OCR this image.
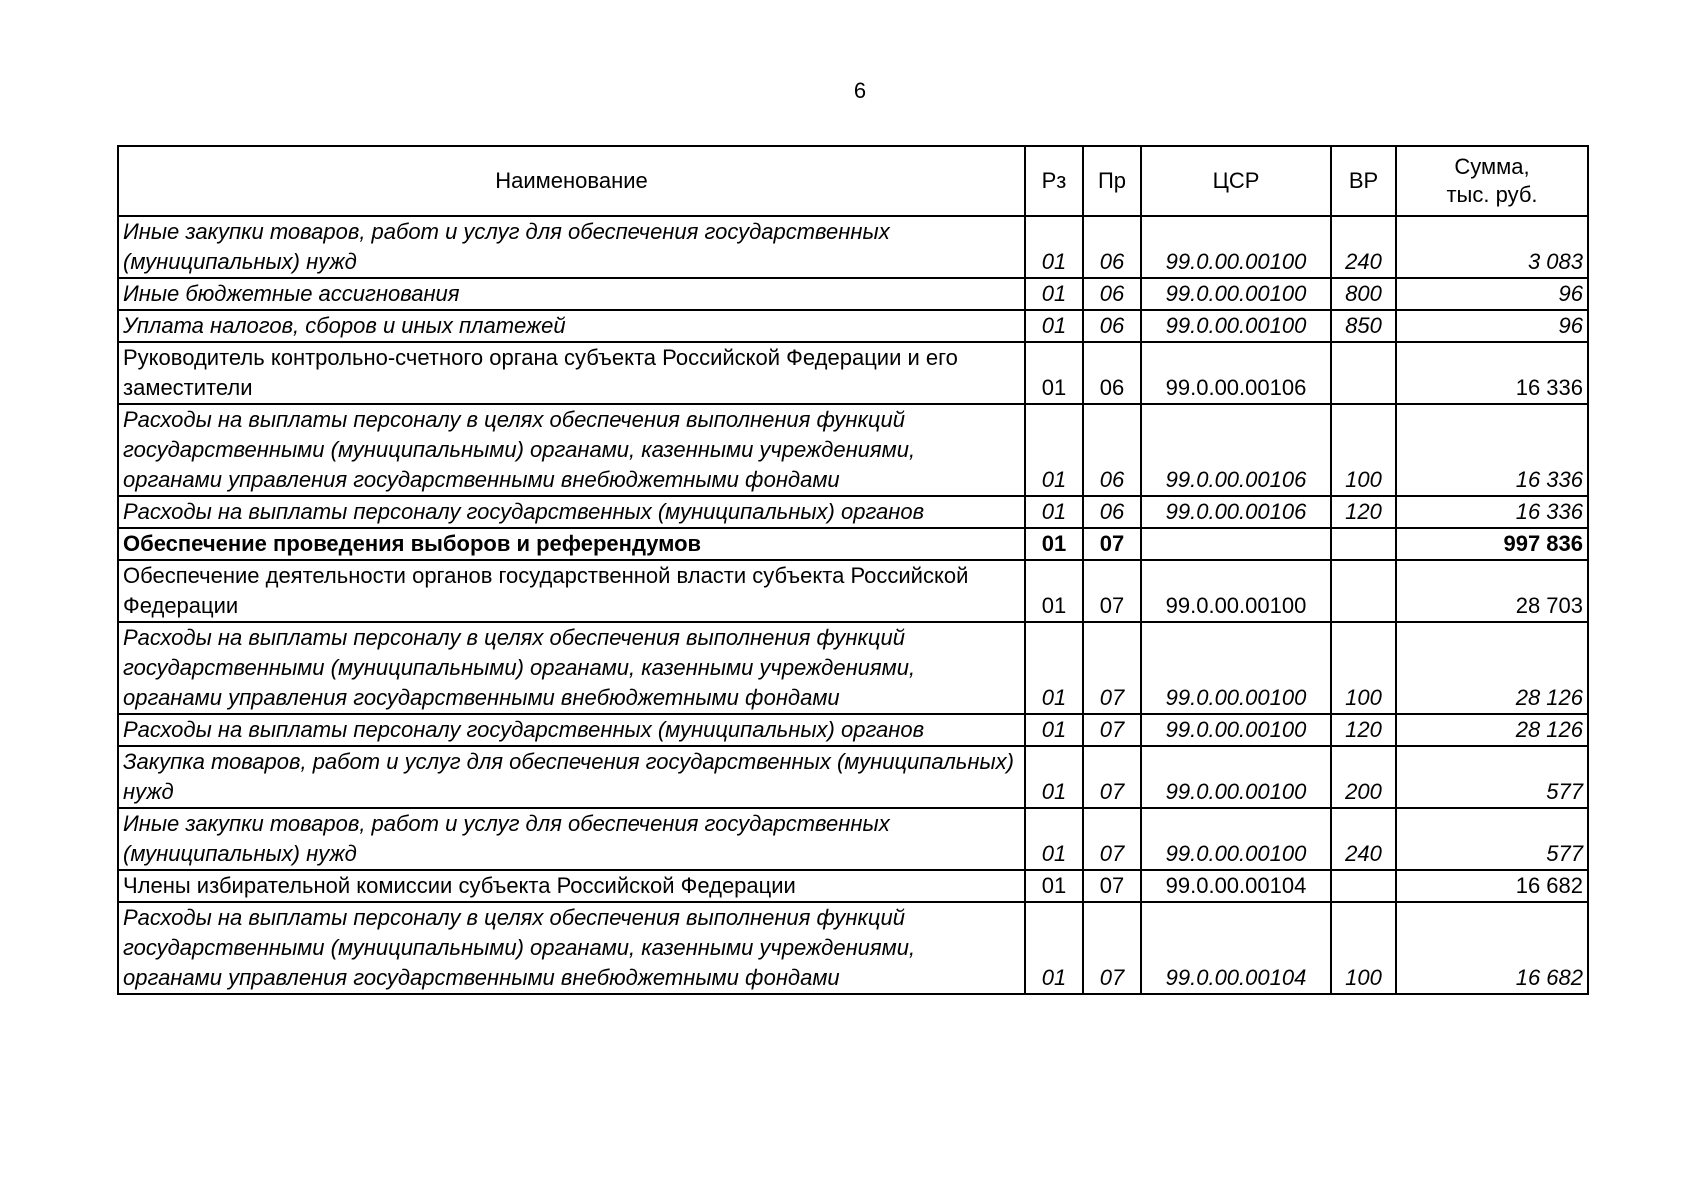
6
Наименование	Рз	Пр	ЦСР	ВР	Сумма,
тыс. руб.

Иные закупки товаров, работ и услуг для обеспечения государственных (муниципальных) нужд	01	06	99.0.00.00100	240	3 083
Иные бюджетные ассигнования	01	06	99.0.00.00100	800	96
Уплата налогов, сборов и иных платежей	01	06	99.0.00.00100	850	96
Руководитель контрольно-счетного органа субъекта Российской Федерации и его заместители	01	06	99.0.00.00106		16 336
Расходы на выплаты персоналу в целях обеспечения выполнения функций государственными (муниципальными) органами, казенными учреждениями, органами управления государственными внебюджетными фондами	01	06	99.0.00.00106	100	16 336
Расходы на выплаты персоналу государственных (муниципальных) органов	01	06	99.0.00.00106	120	16 336
Обеспечение проведения выборов и референдумов	01	07			997 836
Обеспечение деятельности органов государственной власти субъекта Российской Федерации	01	07	99.0.00.00100		28 703
Расходы на выплаты персоналу в целях обеспечения выполнения функций государственными (муниципальными) органами, казенными учреждениями, органами управления государственными внебюджетными фондами	01	07	99.0.00.00100	100	28 126
Расходы на выплаты персоналу государственных (муниципальных) органов	01	07	99.0.00.00100	120	28 126
Закупка товаров, работ и услуг для обеспечения государственных (муниципальных) нужд	01	07	99.0.00.00100	200	577
Иные закупки товаров, работ и услуг для обеспечения государственных (муниципальных) нужд	01	07	99.0.00.00100	240	577
Члены избирательной комиссии субъекта Российской Федерации	01	07	99.0.00.00104		16 682
Расходы на выплаты персоналу в целях обеспечения выполнения функций государственными (муниципальными) органами, казенными учреждениями, органами управления государственными внебюджетными фондами	01	07	99.0.00.00104	100	16 682
